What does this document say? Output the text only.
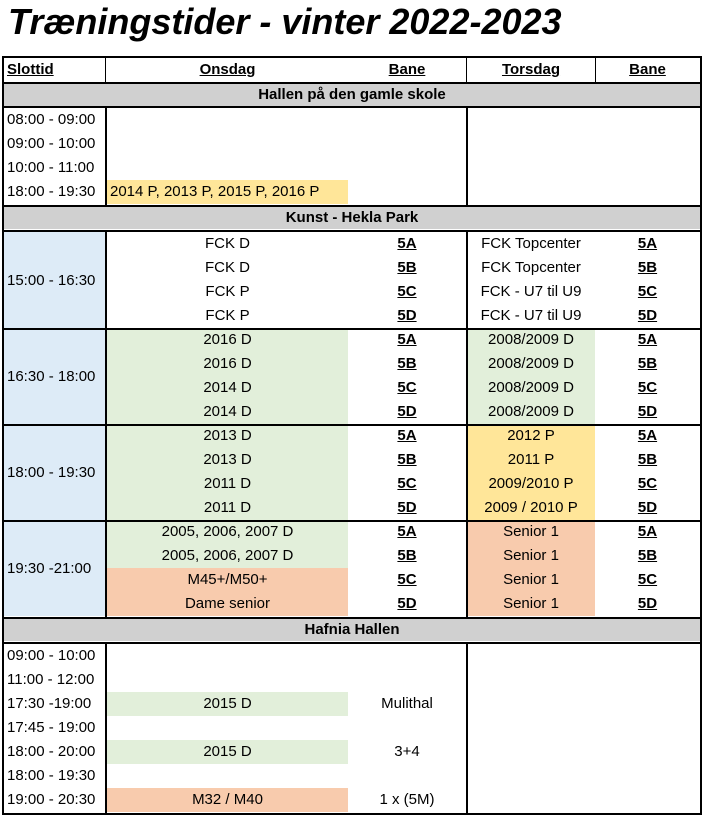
Træningstider - vinter 2022-2023
Slottid	Onsdag	Bane	Torsdag	Bane
Hallen på den gamle skole
08:00 - 09:00
09:00 - 10:00
10:00 - 11:00
18:00 - 19:30 2014 P, 2013 P, 2015 P, 2016 P
Kunst - Hekla Park
15:00 - 16:30
FCK D	5A	FCK Topcenter	5A
FCK D	5B	FCK Topcenter	5B
FCK P	5C	FCK - U7 til U9	5C
FCK P	5D	FCK - U7 til U9	5D
16:30 - 18:00
2016 D	5A	2008/2009 D	5A
2016 D	5B	2008/2009 D	5B
2014 D	5C	2008/2009 D	5C
2014 D	5D	2008/2009 D	5D
18:00 - 19:30
2013 D	5A	2012 P	5A
2013 D	5B	2011 P	5B
2011 D	5C	2009/2010 P	5C
2011 D	5D	2009 / 2010 P	5D
19:30 -21:00
2005, 2006, 2007 D	5A	Senior 1	5A
2005, 2006, 2007 D	5B	Senior 1	5B
M45+/M50+	5C	Senior 1	5C
Dame senior	5D	Senior 1	5D
Hafnia Hallen
09:00 - 10:00
11:00 - 12:00
17:30 -19:00	2015 D	Mulithal
17:45 - 19:00
18:00 - 20:00	2015 D	3+4
18:00 - 19:30
19:00 - 20:30	M32 / M40	1 x (5M)
